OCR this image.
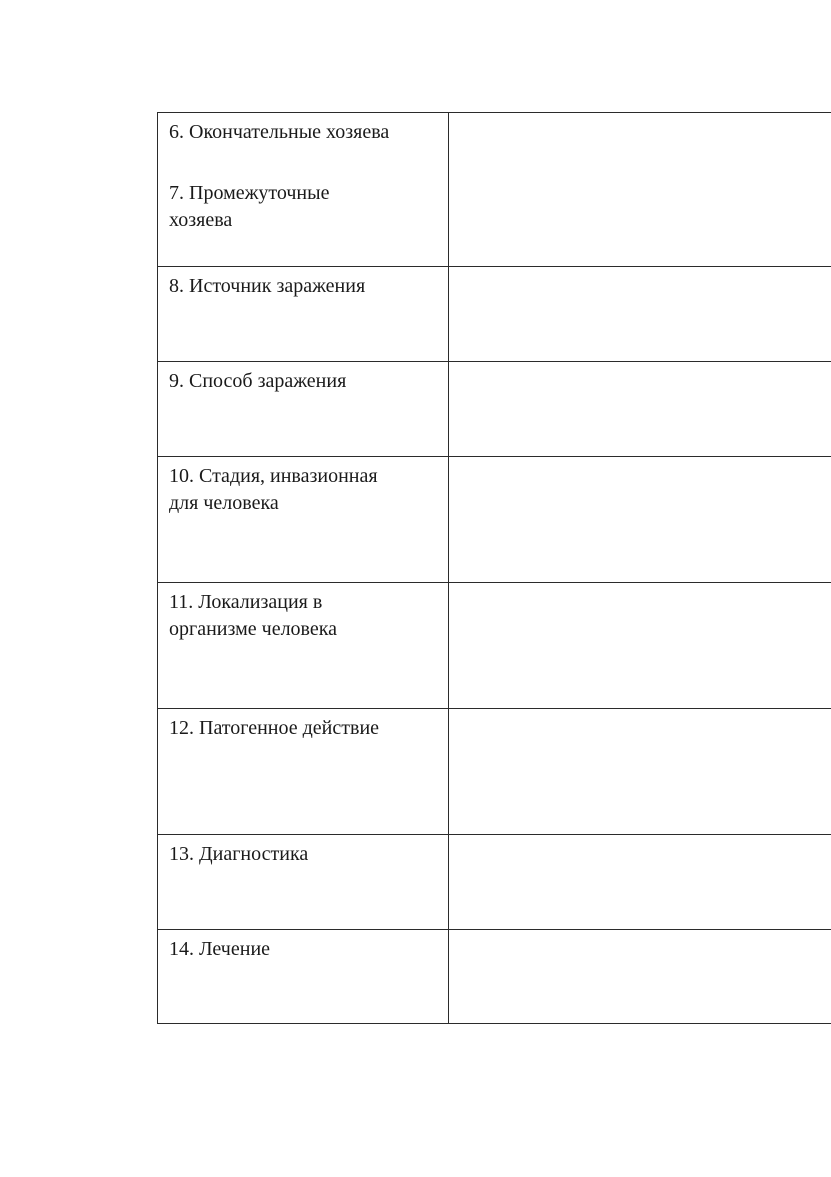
6. Окончательные хозяева
7. Промежуточные
хозяева	

8. Источник заражения	

9. Способ заражения	

10. Стадия, инвазионная
для человека	

11. Локализация в
организме человека	

12. Патогенное действие	

13. Диагностика	

14. Лечение	
